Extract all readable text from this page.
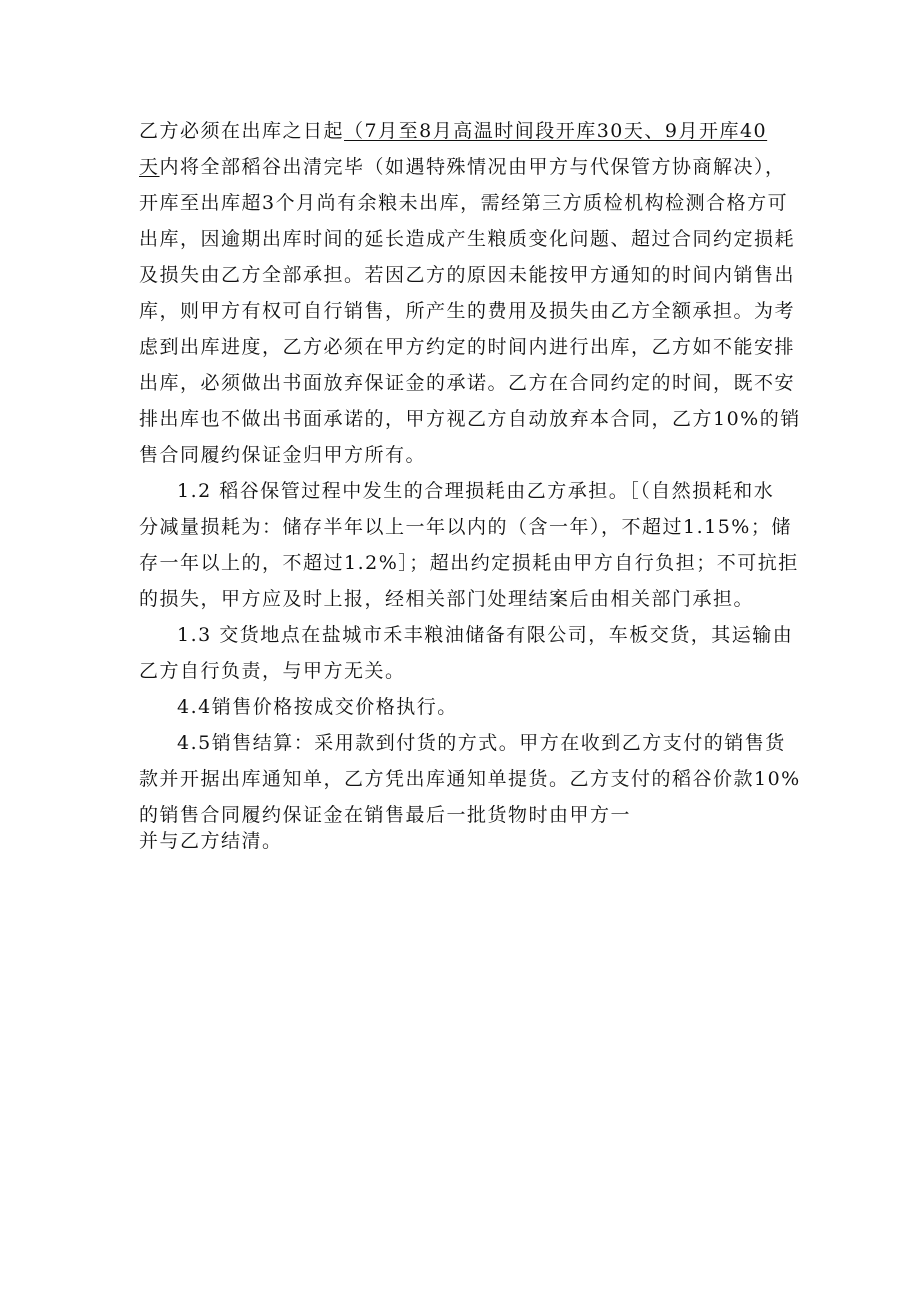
乙方必须在出库之日起（7月至8月高温时间段开库30天、9月开库40
天内将全部稻谷出清完毕（如遇特殊情况由甲方与代保管方协商解决），
开库至出库超3个月尚有余粮未出库，需经第三方质检机构检测合格方可
出库，因逾期出库时间的延长造成产生粮质变化问题、超过合同约定损耗
及损失由乙方全部承担。若因乙方的原因未能按甲方通知的时间内销售出
库，则甲方有权可自行销售，所产生的费用及损失由乙方全额承担。为考
虑到出库进度，乙方必须在甲方约定的时间内进行出库，乙方如不能安排
出库，必须做出书面放弃保证金的承诺。乙方在合同约定的时间，既不安
排出库也不做出书面承诺的，甲方视乙方自动放弃本合同，乙方10%的销
售合同履约保证金归甲方所有。
1.2 稻谷保管过程中发生的合理损耗由乙方承担。［（自然损耗和水
分减量损耗为：储存半年以上一年以内的（含一年），不超过1.15%；储
存一年以上的，不超过1.2%］；超出约定损耗由甲方自行负担；不可抗拒
的损失，甲方应及时上报，经相关部门处理结案后由相关部门承担。
1.3 交货地点在盐城市禾丰粮油储备有限公司，车板交货，其运输由
乙方自行负责，与甲方无关。
4.4销售价格按成交价格执行。
4.5销售结算：采用款到付货的方式。甲方在收到乙方支付的销售货
款并开据出库通知单，乙方凭出库通知单提货。乙方支付的稻谷价款10%
的销售合同履约保证金在销售最后一批货物时由甲方一
并与乙方结清。
